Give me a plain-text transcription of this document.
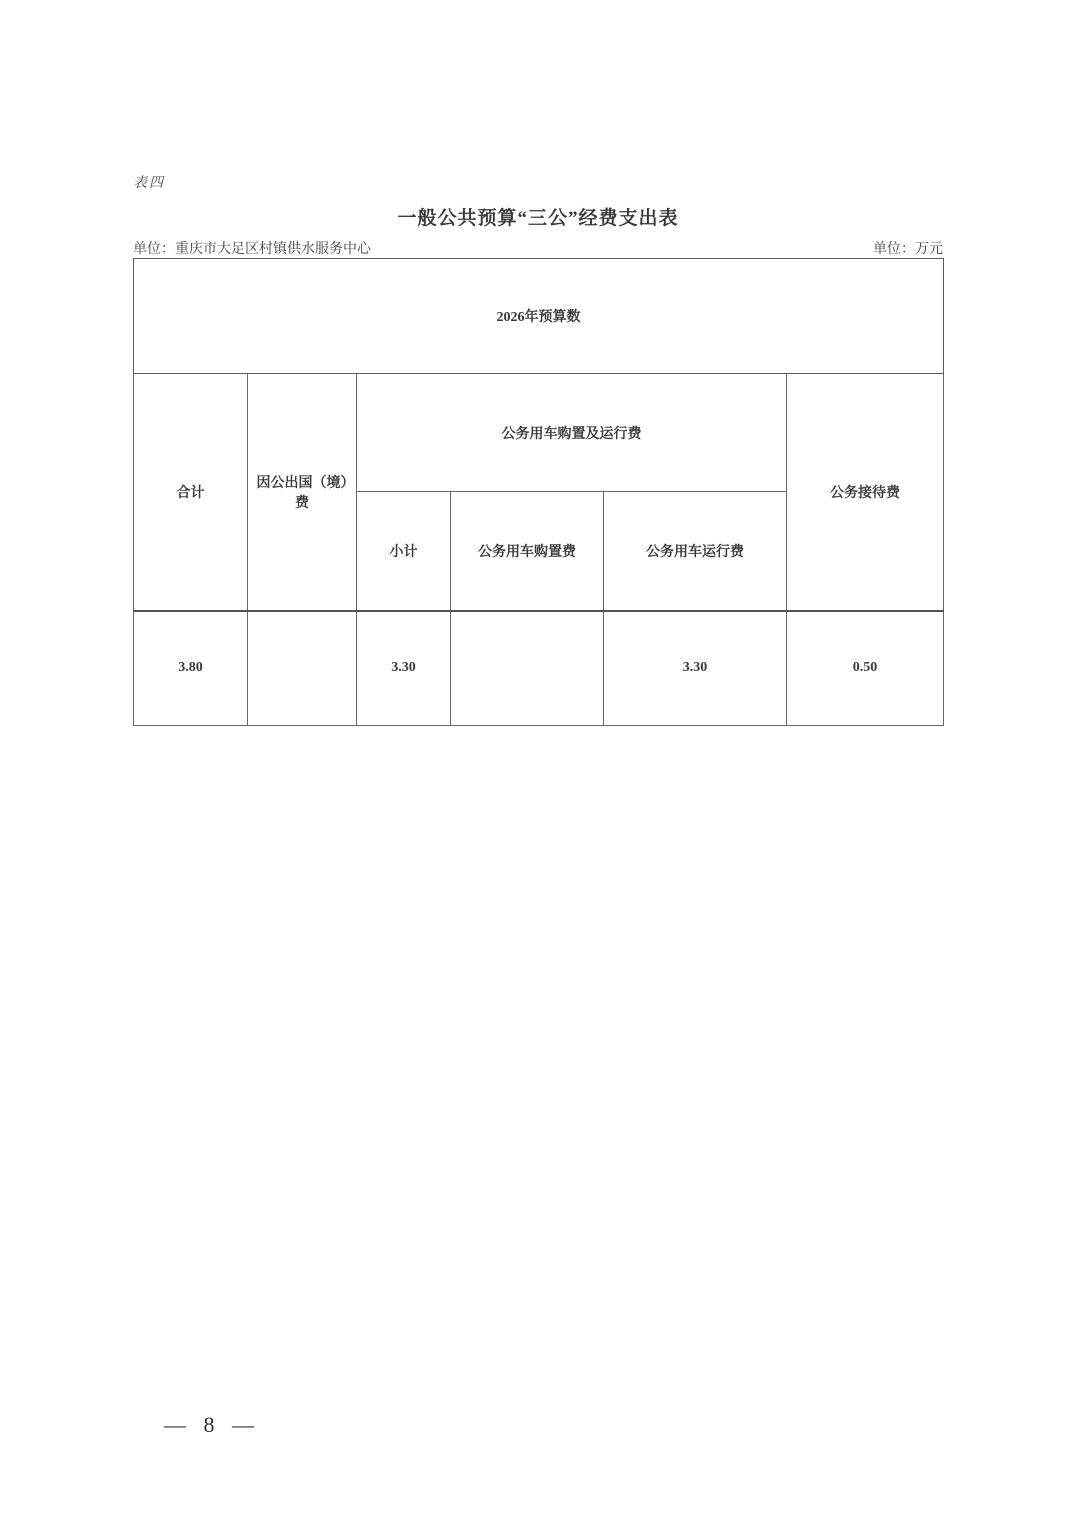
表四
一般公共预算“三公”经费支出表
单位：重庆市大足区村镇供水服务中心	单位：万元
2026年预算数					
合计	因公出国（境）费	公务用车购置及运行费			公务接待费
		小计	公务用车购置费	公务用车运行费	
3.80		3.30		3.30	0.50
— 8 —
